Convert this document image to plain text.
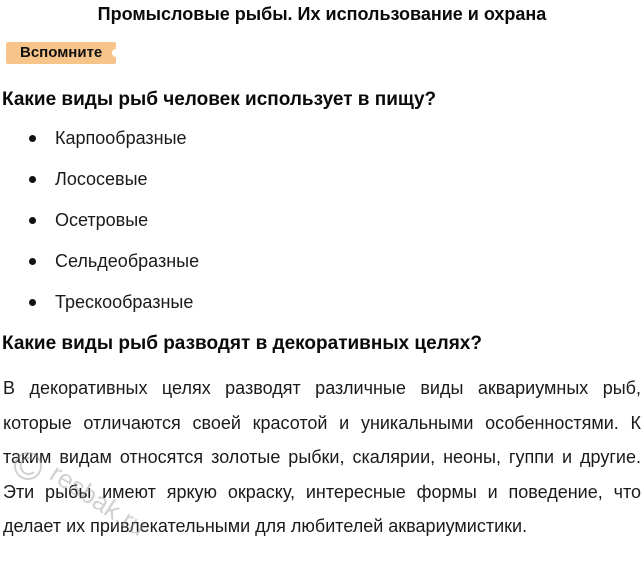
Промысловые рыбы. Их использование и охрана
Вспомните
Какие виды рыб человек использует в пищу?
Карпообразные
Лососевые
Осетровые
Сельдеобразные
Трескообразные
Какие виды рыб разводят в декоративных целях?

В декоративных целях разводят различные виды аквариумных рыб, которые отличаются своей красотой и уникальными особенностями. К таким видам относятся золотые рыбки, скалярии, неоны, гуппи и другие. Эти рыбы имеют яркую окраску, интересные формы и поведение, что делает их привлекательными для любителей аквариумистики.

resbak.ru
